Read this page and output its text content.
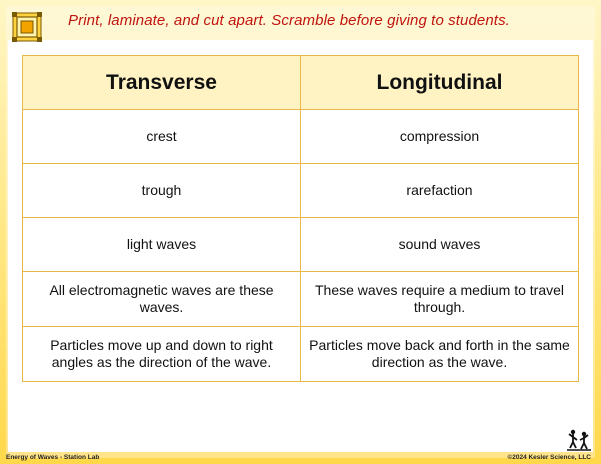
Print, laminate, and cut apart. Scramble before giving to students.
Transverse	Longitudinal
crest	compression
trough	rarefaction
light waves	sound waves
All electromagnetic waves are these waves.	These waves require a medium to travel through.
Particles move up and down to right angles as the direction of the wave.	Particles move back and forth in the same direction as the wave.
Energy of Waves - Station Lab	©2024 Kesler Science, LLC
